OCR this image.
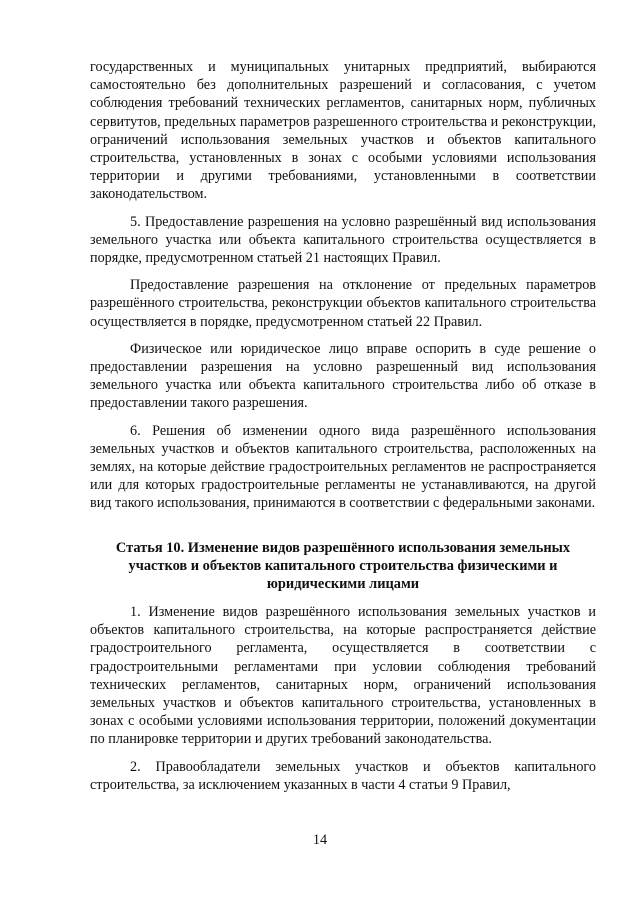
государственных и муниципальных унитарных предприятий, выбираются самостоятельно без дополнительных разрешений и согласования, с учетом соблюдения требований технических регламентов, санитарных норм, публичных сервитутов, предельных параметров разрешенного строительства и реконструкции, ограничений использования земельных участков и объектов капитального строительства, установленных в зонах с особыми условиями использования территории и другими требованиями, установленными в соответствии законодательством.

5. Предоставление разрешения на условно разрешённый вид использования земельного участка или объекта капитального строительства осуществляется в порядке, предусмотренном статьей 21 настоящих Правил.

Предоставление разрешения на отклонение от предельных параметров разрешённого строительства, реконструкции объектов капитального строительства осуществляется в порядке, предусмотренном статьей 22 Правил.

Физическое или юридическое лицо вправе оспорить в суде решение о предоставлении разрешения на условно разрешенный вид использования земельного участка или объекта капитального строительства либо об отказе в предоставлении такого разрешения.

6. Решения об изменении одного вида разрешённого использования земельных участков и объектов капитального строительства, расположенных на землях, на которые действие градостроительных регламентов не распространяется или для которых градостроительные регламенты не устанавливаются, на другой вид такого использования, принимаются в соответствии с федеральными законами.

Статья 10. Изменение видов разрешённого использования земельных участков и объектов капитального строительства физическими и юридическими лицами

1. Изменение видов разрешённого использования земельных участков и объектов капитального строительства, на которые распространяется действие градостроительного регламента, осуществляется в соответствии с градостроительными регламентами при условии соблюдения требований технических регламентов, санитарных норм, ограничений использования земельных участков и объектов капитального строительства, установленных в зонах с особыми условиями использования территории, положений документации по планировке территории и других требований законодательства.

2. Правообладатели земельных участков и объектов капитального строительства, за исключением указанных в части 4 статьи 9 Правил,

14
